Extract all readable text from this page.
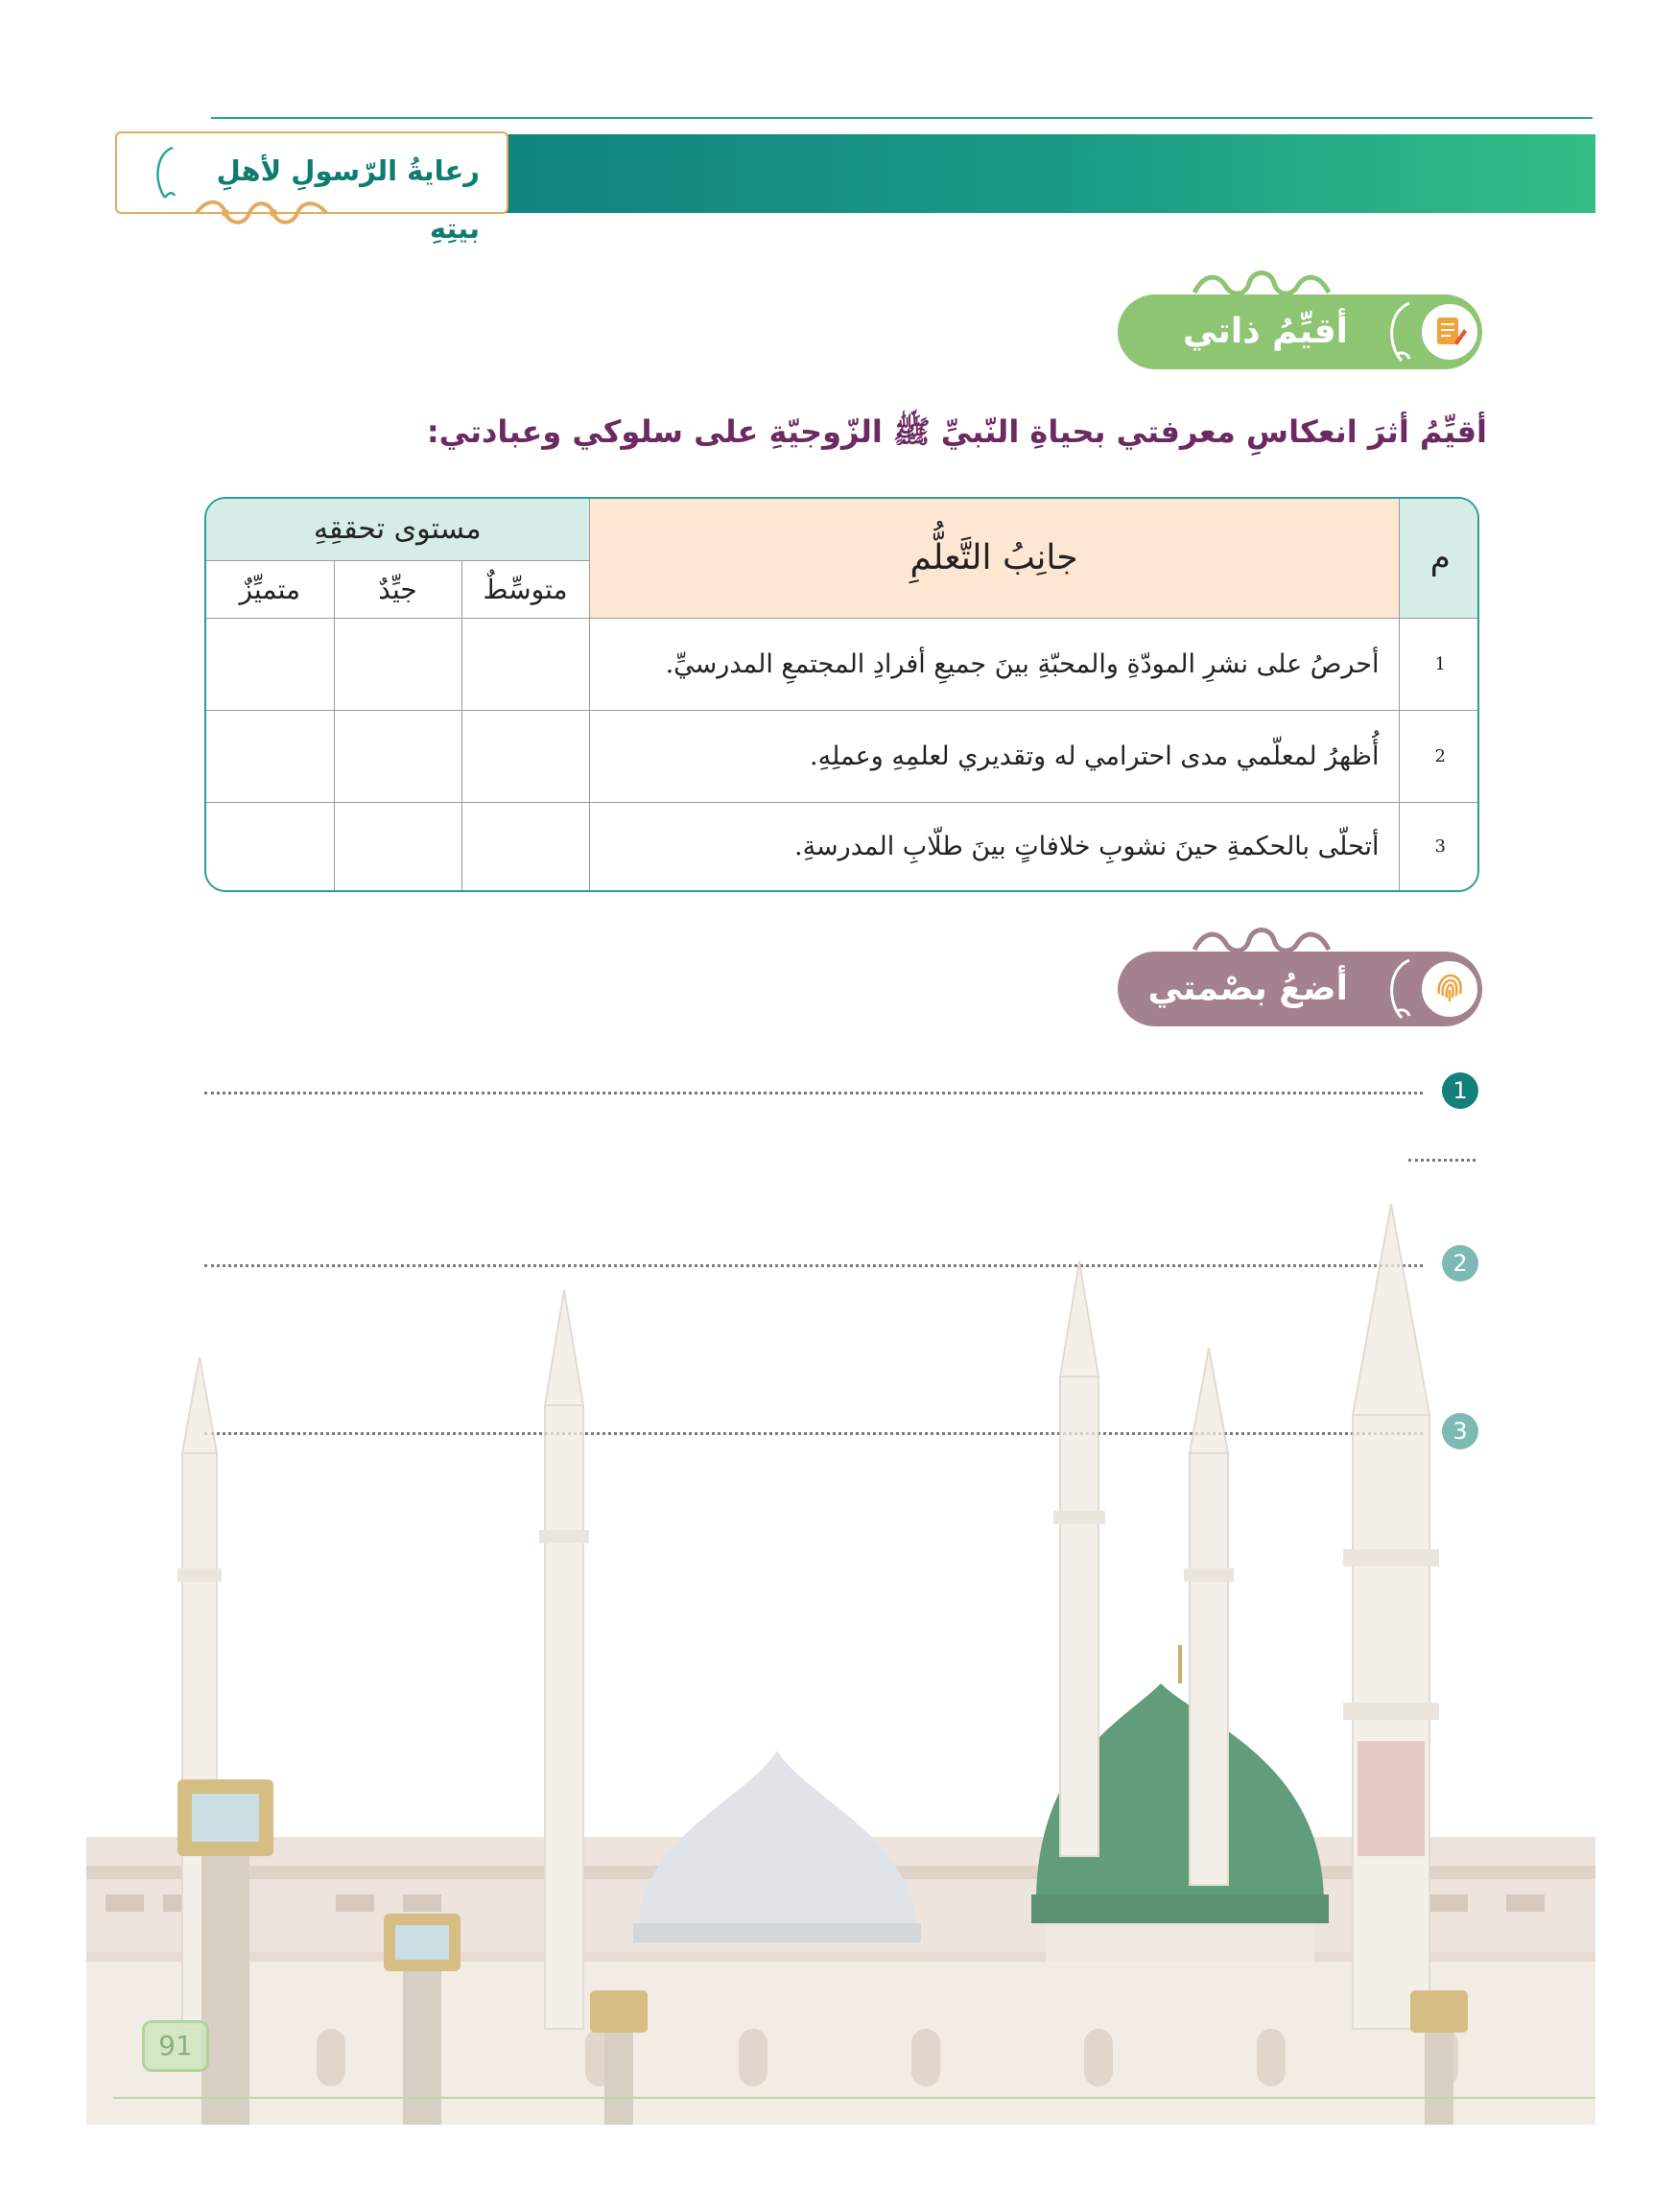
رعايةُ الرّسولِ لأهلِ بيتِهِ
أقيِّمُ ذاتي
أقيِّمُ أثرَ انعكاسِ معرفتي بحياةِ النّبيِّ ﷺ الزّوجيّةِ على سلوكي وعبادتي:
م	جانِبُ التَّعلُّمِ	مستوى تحققِهِ		
		متوسِّطٌ	جيِّدٌ	متميِّزٌ
1	أحرصُ على نشرِ المودّةِ والمحبّةِ بينَ جميعِ أفرادِ المجتمعِ المدرسيِّ.			
2	أُظهرُ لمعلّمي مدى احترامي له وتقديري لعلمِهِ وعملِهِ.			
3	أتحلّى بالحكمةِ حينَ نشوبِ خلافاتٍ بينَ طلّابِ المدرسةِ.			
أضعُ بصْمتي
1
2
3
91
